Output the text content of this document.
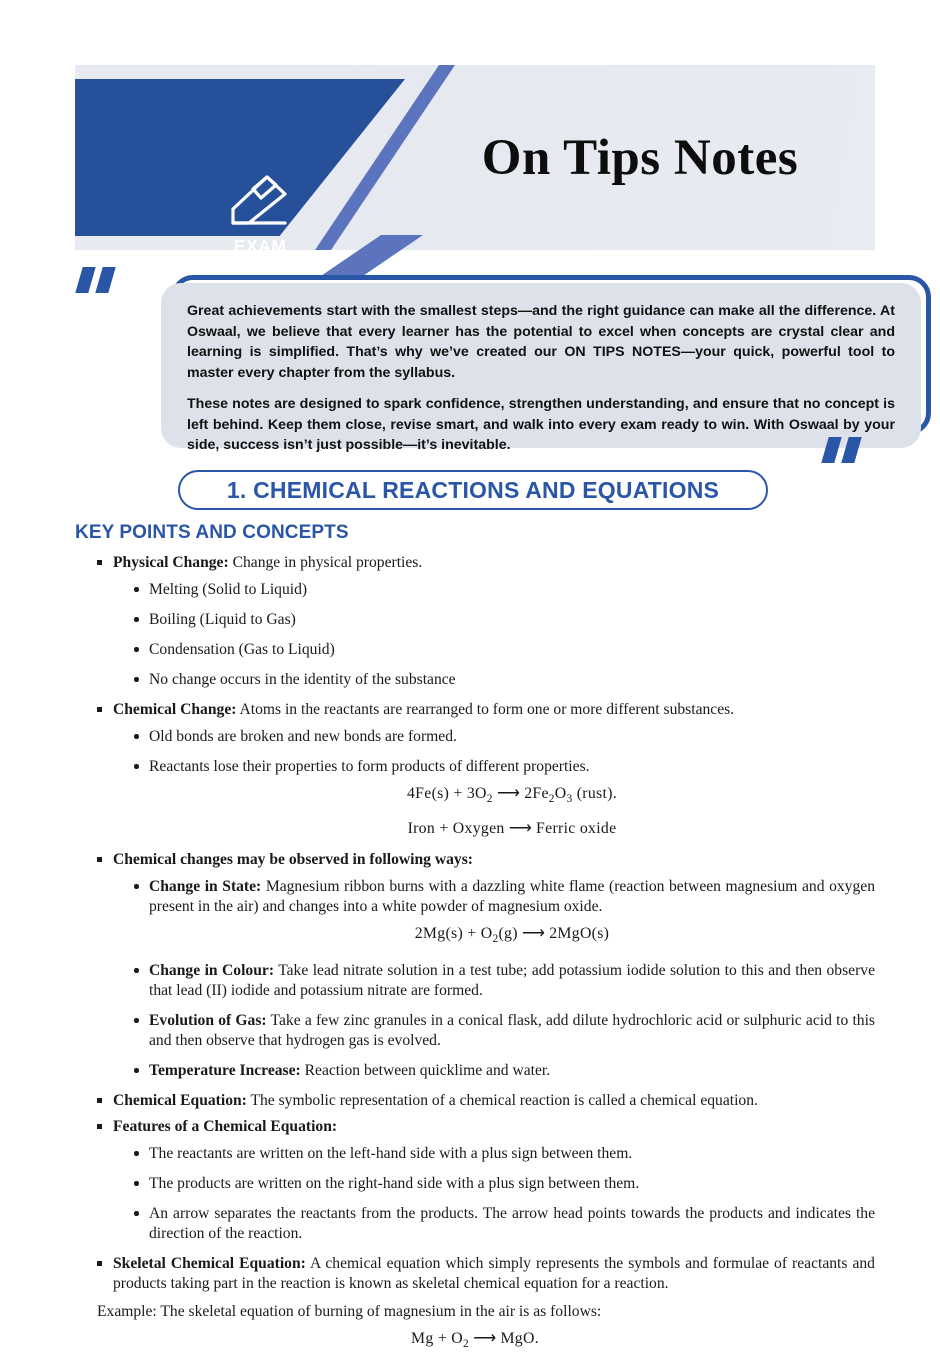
EXAM
TOOLS
On Tips Notes

Great achievements start with the smallest steps—and the right guidance can make all the difference. At Oswaal, we believe that every learner has the potential to excel when concepts are crystal clear and learning is simplified. That’s why we’ve created our ON TIPS NOTES—your quick, powerful tool to master every chapter from the syllabus.

These notes are designed to spark confidence, strengthen understanding, and ensure that no concept is left behind. Keep them close, revise smart, and walk into every exam ready to win. With Oswaal by your side, success isn’t just possible—it’s inevitable.

1. CHEMICAL REACTIONS AND EQUATIONS
KEY POINTS AND CONCEPTS
Physical Change: Change in physical properties.
Melting (Solid to Liquid)
Boiling (Liquid to Gas)
Condensation (Gas to Liquid)
No change occurs in the identity of the substance
Chemical Change: Atoms in the reactants are rearranged to form one or more different substances.
Old bonds are broken and new bonds are formed.
Reactants lose their properties to form products of different properties.
$4Fe(s) + 3O_2$ ⟶ $2Fe_2O_3$ (rust).
Iron + Oxygen ⟶ Ferric oxide
Chemical changes may be observed in following ways:
Change in State: Magnesium ribbon burns with a dazzling white flame (reaction between magnesium and oxygen present in the air) and changes into a white powder of magnesium oxide.
$2Mg(s) + O_2(g)$ ⟶ 2MgO(s)
Change in Colour: Take lead nitrate solution in a test tube; add potassium iodide solution to this and then observe that lead (II) iodide and potassium nitrate are formed.
Evolution of Gas: Take a few zinc granules in a conical flask, add dilute hydrochloric acid or sulphuric acid to this and then observe that hydrogen gas is evolved.
Temperature Increase: Reaction between quicklime and water.
Chemical Equation: The symbolic representation of a chemical reaction is called a chemical equation.
Features of a Chemical Equation:
The reactants are written on the left-hand side with a plus sign between them.
The products are written on the right-hand side with a plus sign between them.
An arrow separates the reactants from the products. The arrow head points towards the products and indicates the direction of the reaction.
Skeletal Chemical Equation: A chemical equation which simply represents the symbols and formulae of reactants and products taking part in the reaction is known as skeletal chemical equation for a reaction.
Example: The skeletal equation of burning of magnesium in the air is as follows:
$Mg + O_2$ ⟶ MgO.
